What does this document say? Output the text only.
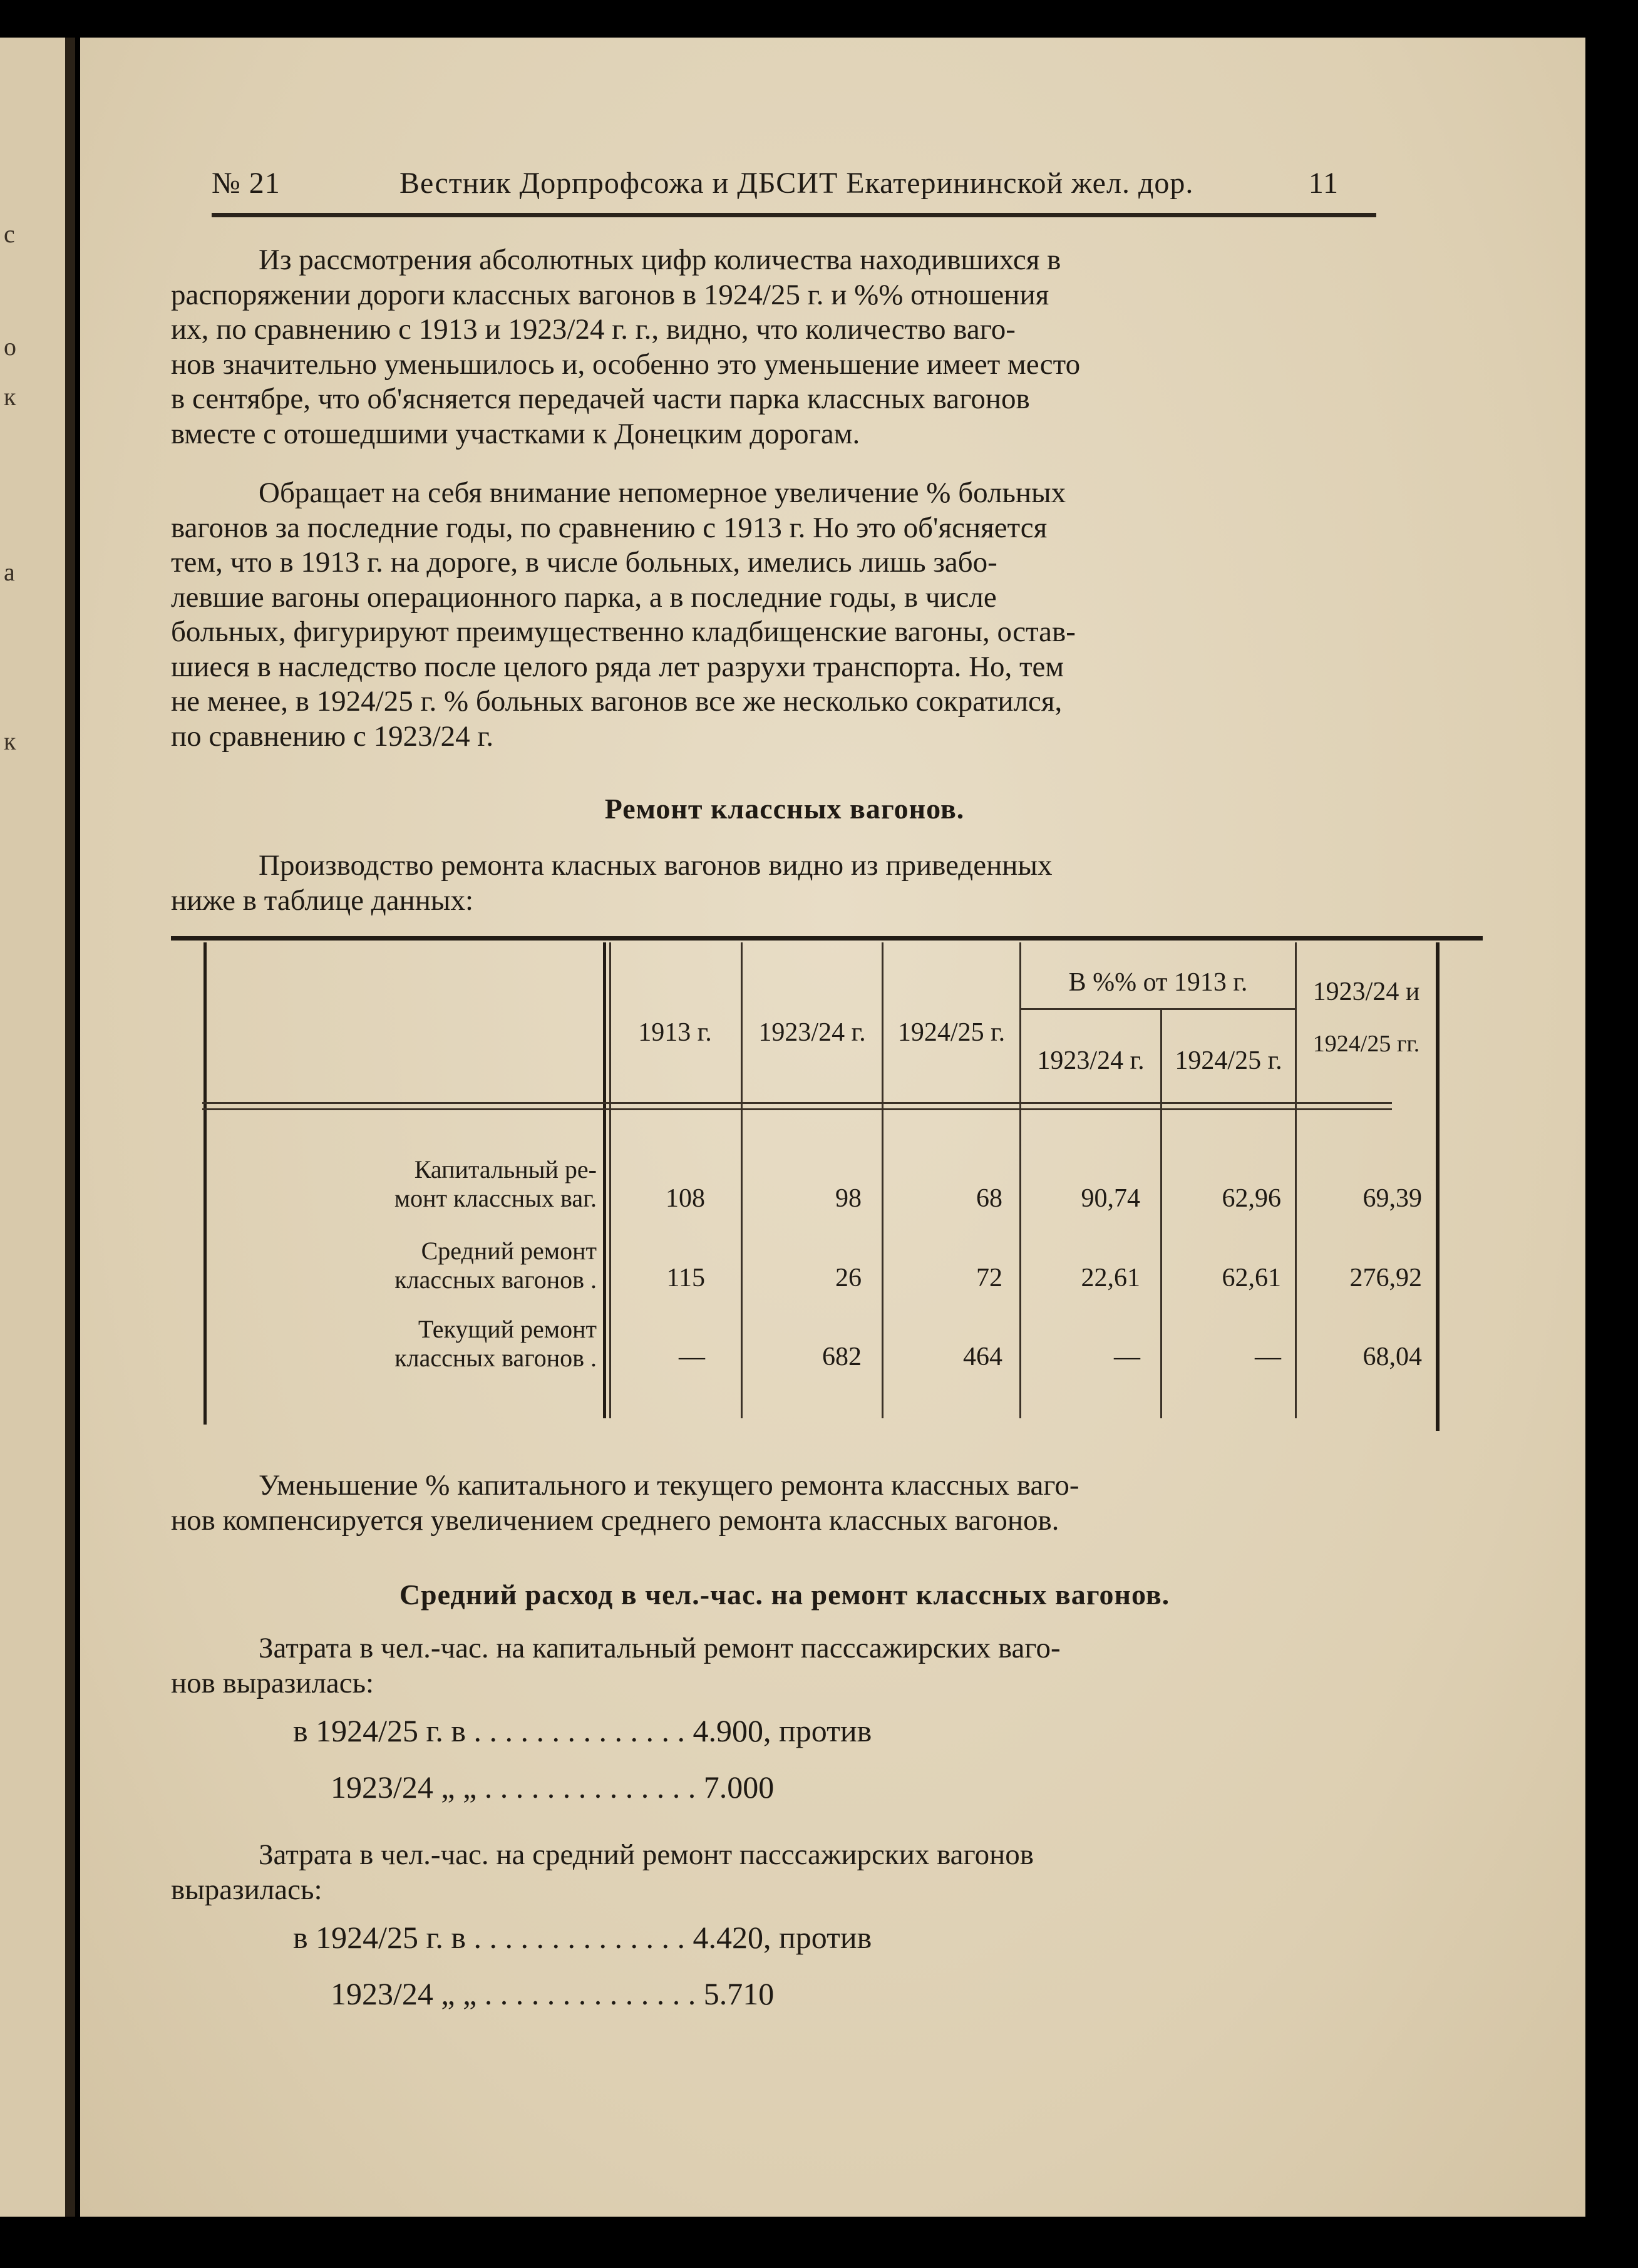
с
о
к
а
к
№ 21	Вестник Дорпрофсожа и ДБСИТ Екатерининской жел. дор.	11
Из рассмотрения абсолютных цифр количества находившихся в
распоряжении дороги классных вагонов в 1924/25 г. и %% отношения
их, по сравнению с 1913 и 1923/24 г. г., видно, что количество ваго-
нов значительно уменьшилось и, особенно это уменьшение имеет место
в сентябре, что об'ясняется передачей части парка классных вагонов
вместе с отошедшими участками к Донецким дорогам.
Обращает на себя внимание непомерное увеличение % больных
вагонов за последние годы, по сравнению с 1913 г. Но это об'ясняется
тем, что в 1913 г. на дороге, в числе больных, имелись лишь забо-
левшие вагоны операционного парка, а в последние годы, в числе
больных, фигурируют преимущественно кладбищенские вагоны, остав-
шиеся в наследство после целого ряда лет разрухи транспорта. Но, тем
не менее, в 1924/25 г. % больных вагонов все же несколько сократился,
по сравнению с 1923/24 г.
Ремонт классных вагонов.
Производство ремонта класных вагонов видно из приведенных
ниже в таблице данных:
1913 г.	1923/24 г.	1924/25 г.
В %% от 1913 г.
1923/24 г.	1924/25 г.
1923/24 и
1924/25 гг.
Капитальный ре-
монт классных ваг.	108	98	68	90,74	62,96	69,39
Средний ремонт
классных вагонов .	115	26	72	22,61	62,61	276,92
Текущий ремонт
классных вагонов .	—	682	464	—	—	68,04
Уменьшение % капитального и текущего ремонта классных ваго-
нов компенсируется увеличением среднего ремонта классных вагонов.
Средний расход в чел.-час. на ремонт классных вагонов.
Затрата в чел.-час. на капитальный ремонт пасссажирских ваго-
нов выразилась:
в 1924/25 г. в . . . . . . . . . . . . . . 4.900, против
1923/24 „ „ . . . . . . . . . . . . . . 7.000
Затрата в чел.-час. на средний ремонт пасссажирских вагонов
выразилась:
в 1924/25 г. в . . . . . . . . . . . . . . 4.420, против
1923/24 „ „ . . . . . . . . . . . . . . 5.710
